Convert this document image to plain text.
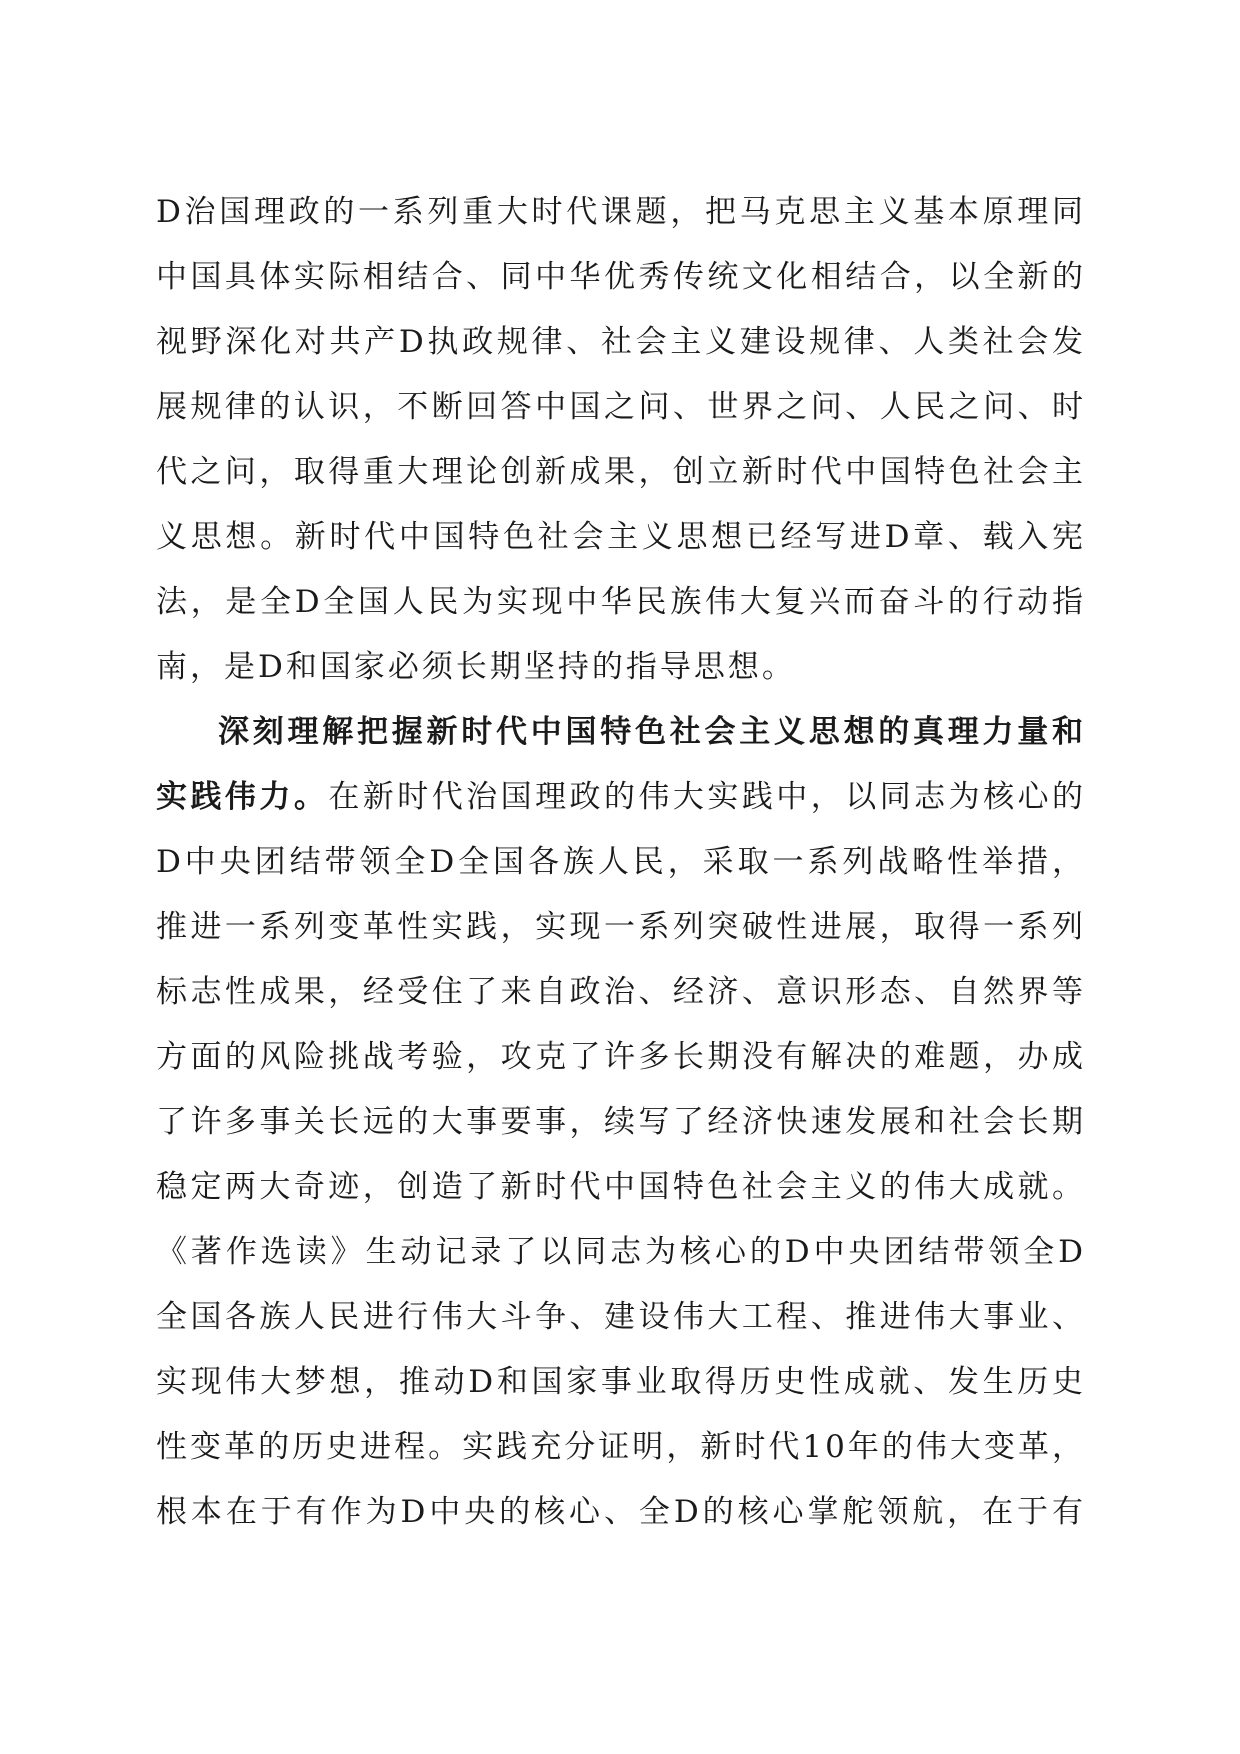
D治国理政的一系列重大时代课题，把马克思主义基本原理同
中国具体实际相结合、同中华优秀传统文化相结合，以全新的
视野深化对共产D执政规律、社会主义建设规律、人类社会发
展规律的认识，不断回答中国之问、世界之问、人民之问、时
代之问，取得重大理论创新成果，创立新时代中国特色社会主
义思想。新时代中国特色社会主义思想已经写进D章、载入宪
法，是全D全国人民为实现中华民族伟大复兴而奋斗的行动指
南，是D和国家必须长期坚持的指导思想。
深刻理解把握新时代中国特色社会主义思想的真理力量和
实践伟力。在新时代治国理政的伟大实践中，以同志为核心的
D中央团结带领全D全国各族人民，采取一系列战略性举措，
推进一系列变革性实践，实现一系列突破性进展，取得一系列
标志性成果，经受住了来自政治、经济、意识形态、自然界等
方面的风险挑战考验，攻克了许多长期没有解决的难题，办成
了许多事关长远的大事要事，续写了经济快速发展和社会长期
稳定两大奇迹，创造了新时代中国特色社会主义的伟大成就。
《著作选读》生动记录了以同志为核心的D中央团结带领全D
全国各族人民进行伟大斗争、建设伟大工程、推进伟大事业、
实现伟大梦想，推动D和国家事业取得历史性成就、发生历史
性变革的历史进程。实践充分证明，新时代10年的伟大变革，
根本在于有作为D中央的核心、全D的核心掌舵领航，在于有
